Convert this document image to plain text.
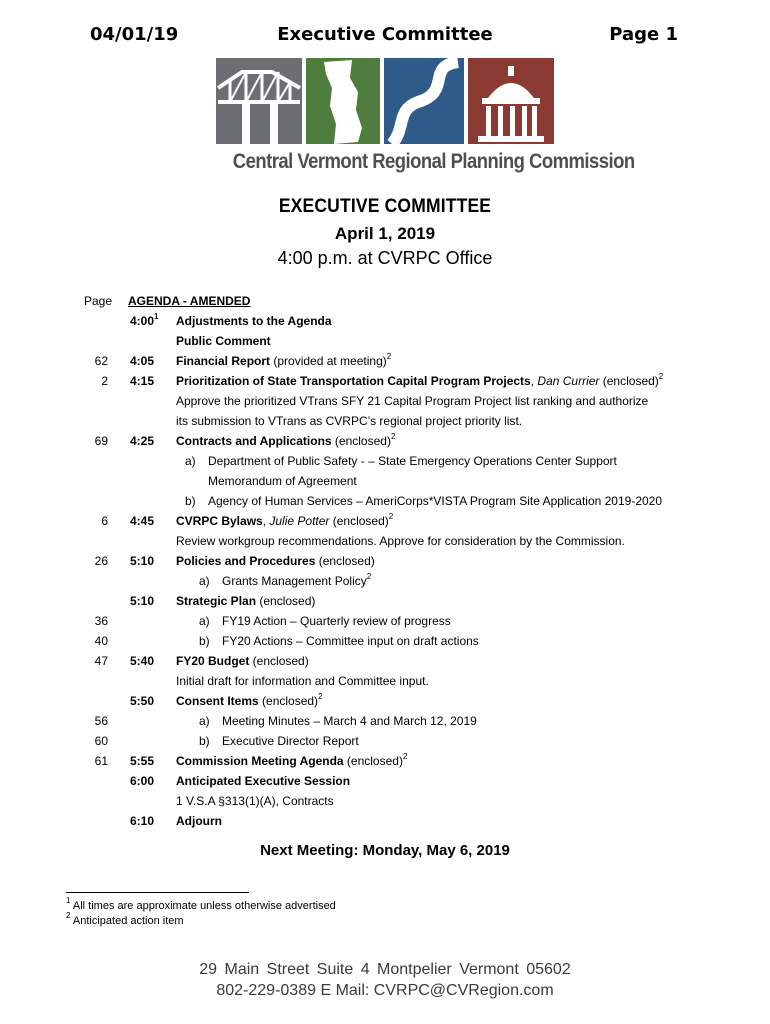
Executive Committee
04/01/19	Page 1
Central Vermont Regional Planning Commission
EXECUTIVE COMMITTEE
April 1, 2019
4:00 p.m. at CVRPC Office
Page AGENDA - AMENDED
$4:00^1$ Adjustments to the Agenda
Public Comment
62 4:05 Financial Report (provided at meeting)$^2$
2 4:15 Prioritization of State Transportation Capital Program Projects, Dan Currier (enclosed)$^2$
Approve the prioritized VTrans SFY 21 Capital Program Project list ranking and authorize
its submission to VTrans as CVRPC’s regional project priority list.
69 4:25 Contracts and Applications (enclosed)$^2$
a) Department of Public Safety - – State Emergency Operations Center Support
Memorandum of Agreement
b) Agency of Human Services – AmeriCorps*VISTA Program Site Application 2019-2020
6 4:45 CVRPC Bylaws, Julie Potter (enclosed)$^2$
Review workgroup recommendations. Approve for consideration by the Commission.
26 5:10 Policies and Procedures (enclosed)
a) Grants Management Policy$^2$
5:10 Strategic Plan (enclosed)
36	a) FY19 Action – Quarterly review of progress
40	b) FY20 Actions – Committee input on draft actions
47 5:40 FY20 Budget (enclosed)
Initial draft for information and Committee input.
5:50 Consent Items (enclosed)$^2$
56	a) Meeting Minutes – March 4 and March 12, 2019
60	b) Executive Director Report
61 5:55 Commission Meeting Agenda (enclosed)$^2$
6:00 Anticipated Executive Session
1 V.S.A §313(1)(A), Contracts
6:10 Adjourn
Next Meeting: Monday, May 6, 2019
$^1$ All times are approximate unless otherwise advertised
$^2$ Anticipated action item
29 Main Street Suite 4 Montpelier Vermont 05602
802-229-0389 E Mail: CVRPC@CVRegion.com
